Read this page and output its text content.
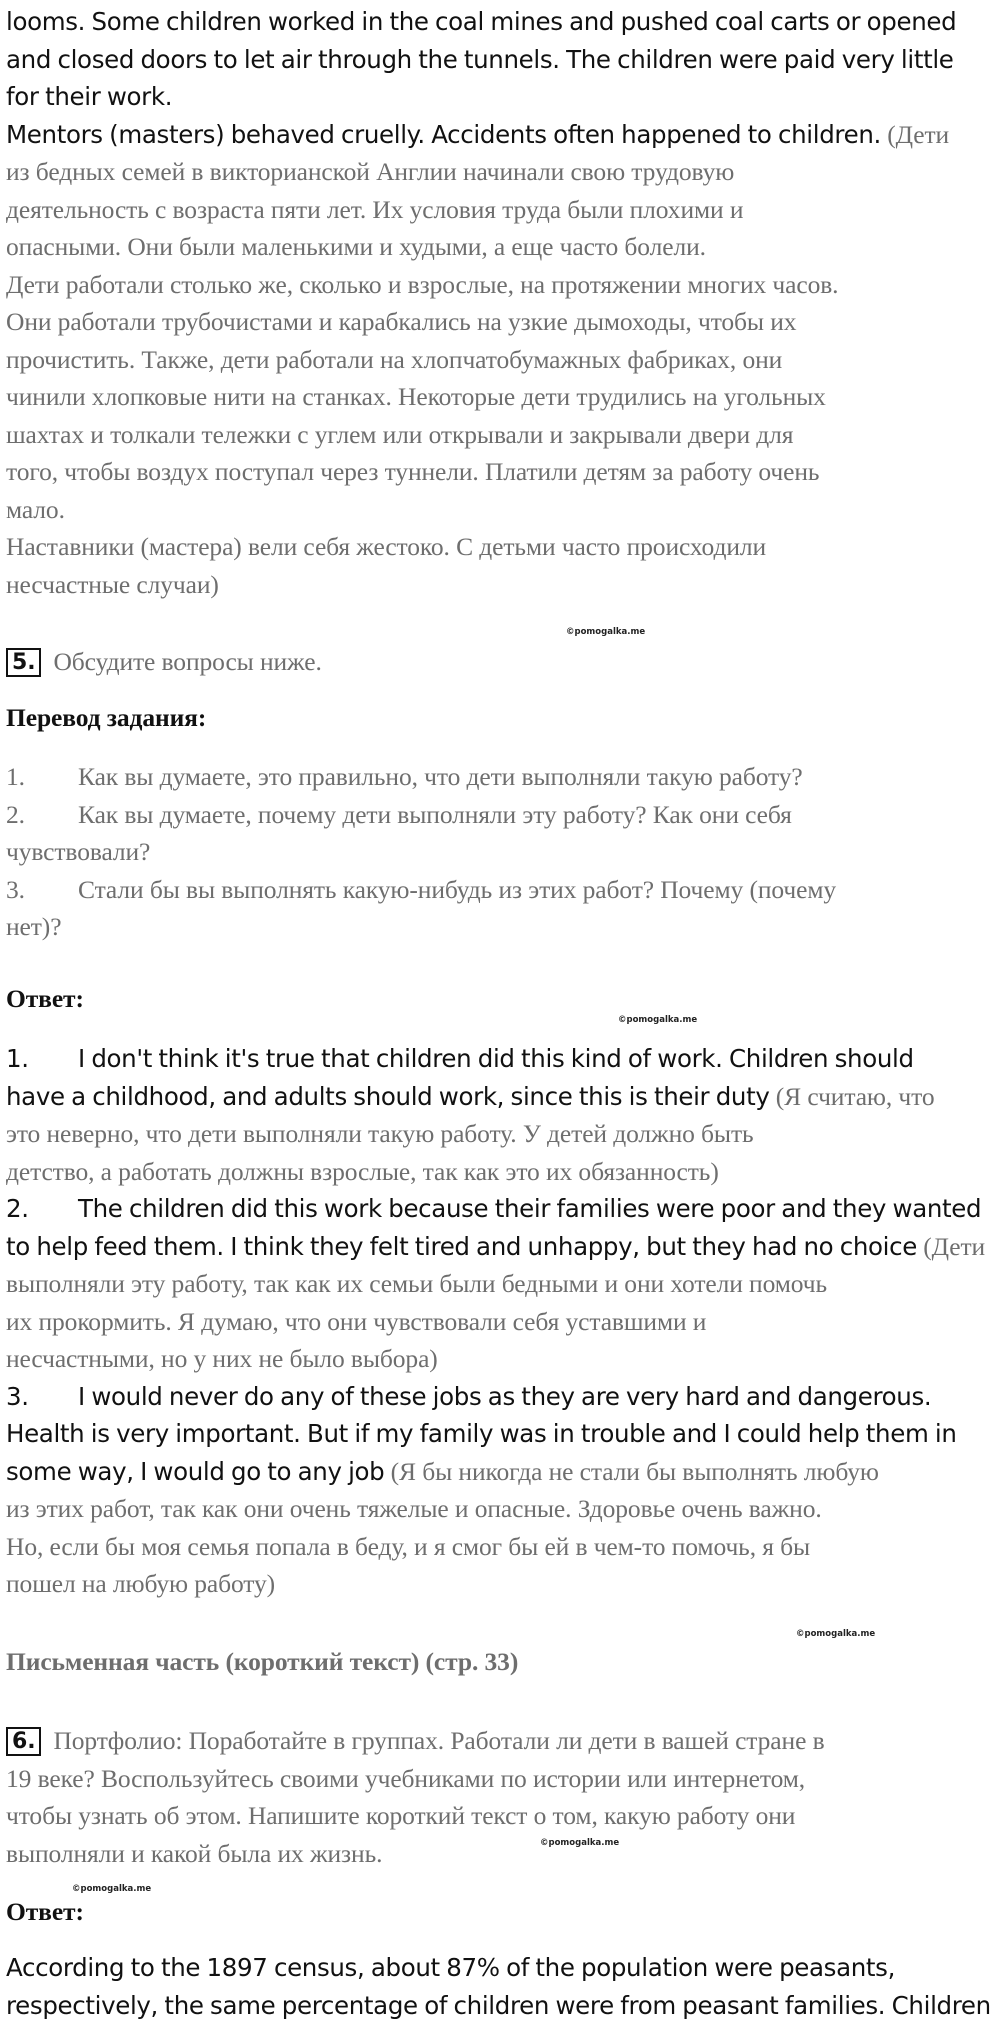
looms. Some children worked in the coal mines and pushed coal carts or opened
and closed doors to let air through the tunnels. The children were paid very little
for their work.
Mentors (masters) behaved cruelly. Accidents often happened to children. (Дети
из бедных семей в викторианской Англии начинали свою трудовую
деятельность с возраста пяти лет. Их условия труда были плохими и
опасными. Они были маленькими и худыми, а еще часто болели.
Дети работали столько же, сколько и взрослые, на протяжении многих часов.
Они работали трубочистами и карабкались на узкие дымоходы, чтобы их
прочистить. Также, дети работали на хлопчатобумажных фабриках, они
чинили хлопковые нити на станках. Некоторые дети трудились на угольных
шахтах и толкали тележки с углем или открывали и закрывали двери для
того, чтобы воздух поступал через туннели. Платили детям за работу очень
мало.
Наставники (мастера) вели себя жестоко. С детьми часто происходили
несчастные случаи)
©pomogalka.me
5. Обсудите вопросы ниже.
Перевод задания:
1. Как вы думаете, это правильно, что дети выполняли такую работу?
2. Как вы думаете, почему дети выполняли эту работу? Как они себя
чувствовали?
3. Стали бы вы выполнять какую-нибудь из этих работ? Почему (почему
нет)?
Ответ:
©pomogalka.me
1. I don't think it's true that children did this kind of work. Children should
have a childhood, and adults should work, since this is their duty (Я считаю, что
это неверно, что дети выполняли такую работу. У детей должно быть
детство, а работать должны взрослые, так как это их обязанность)
2. The children did this work because their families were poor and they wanted
to help feed them. I think they felt tired and unhappy, but they had no choice (Дети
выполняли эту работу, так как их семьи были бедными и они хотели помочь
их прокормить. Я думаю, что они чувствовали себя уставшими и
несчастными, но у них не было выбора)
3. I would never do any of these jobs as they are very hard and dangerous.
Health is very important. But if my family was in trouble and I could help them in
some way, I would go to any job (Я бы никогда не стали бы выполнять любую
из этих работ, так как они очень тяжелые и опасные. Здоровье очень важно.
Но, если бы моя семья попала в беду, и я смог бы ей в чем-то помочь, я бы
пошел на любую работу)
©pomogalka.me
Письменная часть (короткий текст) (стр. 33)
6. Портфолио: Поработайте в группах. Работали ли дети в вашей стране в
19 веке? Воспользуйтесь своими учебниками по истории или интернетом,
чтобы узнать об этом. Напишите короткий текст о том, какую работу они
выполняли и какой была их жизнь.	©pomogalka.me
©pomogalka.me
Ответ:
According to the 1897 census, about 87% of the population were peasants,
respectively, the same percentage of children were from peasant families. Children
